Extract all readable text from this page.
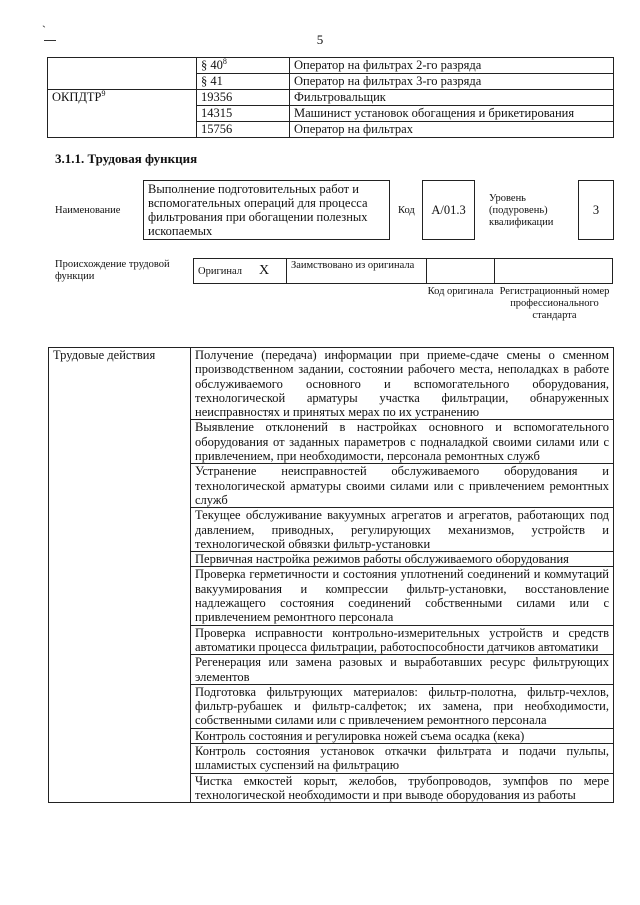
ˏ
5
	§ $40^8$	Оператор на фильтрах 2-го разряда
	§ 41	Оператор на фильтрах 3-го разряда
ОКПДТР$^9$	19356	Фильтровальщик
	14315	Машинист установок обогащения и брикетирования
	15756	Оператор на фильтрах
3.1.1. Трудовая функция
Наименование
Выполнение подготовительных работ и вспомогательных операций для процесса фильтрования при обогащении полезных ископаемых
Код	А/01.3
Уровень (подуровень) квалификации
3
Происхождение трудовой функции	Оригинал X	Заимствовано из оригинала
Код оригинала Регистрационный номер профессионального стандарта
Трудовые действия	Получение (передача) информации при приеме-сдаче смены о сменном производственном задании, состоянии рабочего места, неполадках в работе обслуживаемого основного и вспомогательного оборудования, технологической арматуры участка фильтрации, обнаруженных неисправностях и принятых мерах по их устранению
Выявление отклонений в настройках основного и вспомогательного оборудования от заданных параметров с подналадкой своими силами или с привлечением, при необходимости, персонала ремонтных служб
Устранение неисправностей обслуживаемого оборудования и технологической арматуры своими силами или с привлечением ремонтных служб
Текущее обслуживание вакуумных агрегатов и агрегатов, работающих под давлением, приводных, регулирующих механизмов, устройств и технологической обвязки фильтр-установки
Первичная настройка режимов работы обслуживаемого оборудования
Проверка герметичности и состояния уплотнений соединений и коммутаций вакуумирования и компрессии фильтр-установки, восстановление надлежащего состояния соединений собственными силами или с привлечением ремонтного персонала
Проверка исправности контрольно-измерительных устройств и средств автоматики процесса фильтрации, работоспособности датчиков автоматики
Регенерация или замена разовых и выработавших ресурс фильтрующих элементов
Подготовка фильтрующих материалов: фильтр-полотна, фильтр-чехлов, фильтр-рубашек и фильтр-салфеток; их замена, при необходимости, собственными силами или с привлечением ремонтного персонала
Контроль состояния и регулировка ножей съема осадка (кека)
Контроль состояния установок откачки фильтрата и подачи пульпы, шламистых суспензий на фильтрацию
Чистка емкостей корыт, желобов, трубопроводов, зумпфов по мере технологической необходимости и при выводе оборудования из работы
